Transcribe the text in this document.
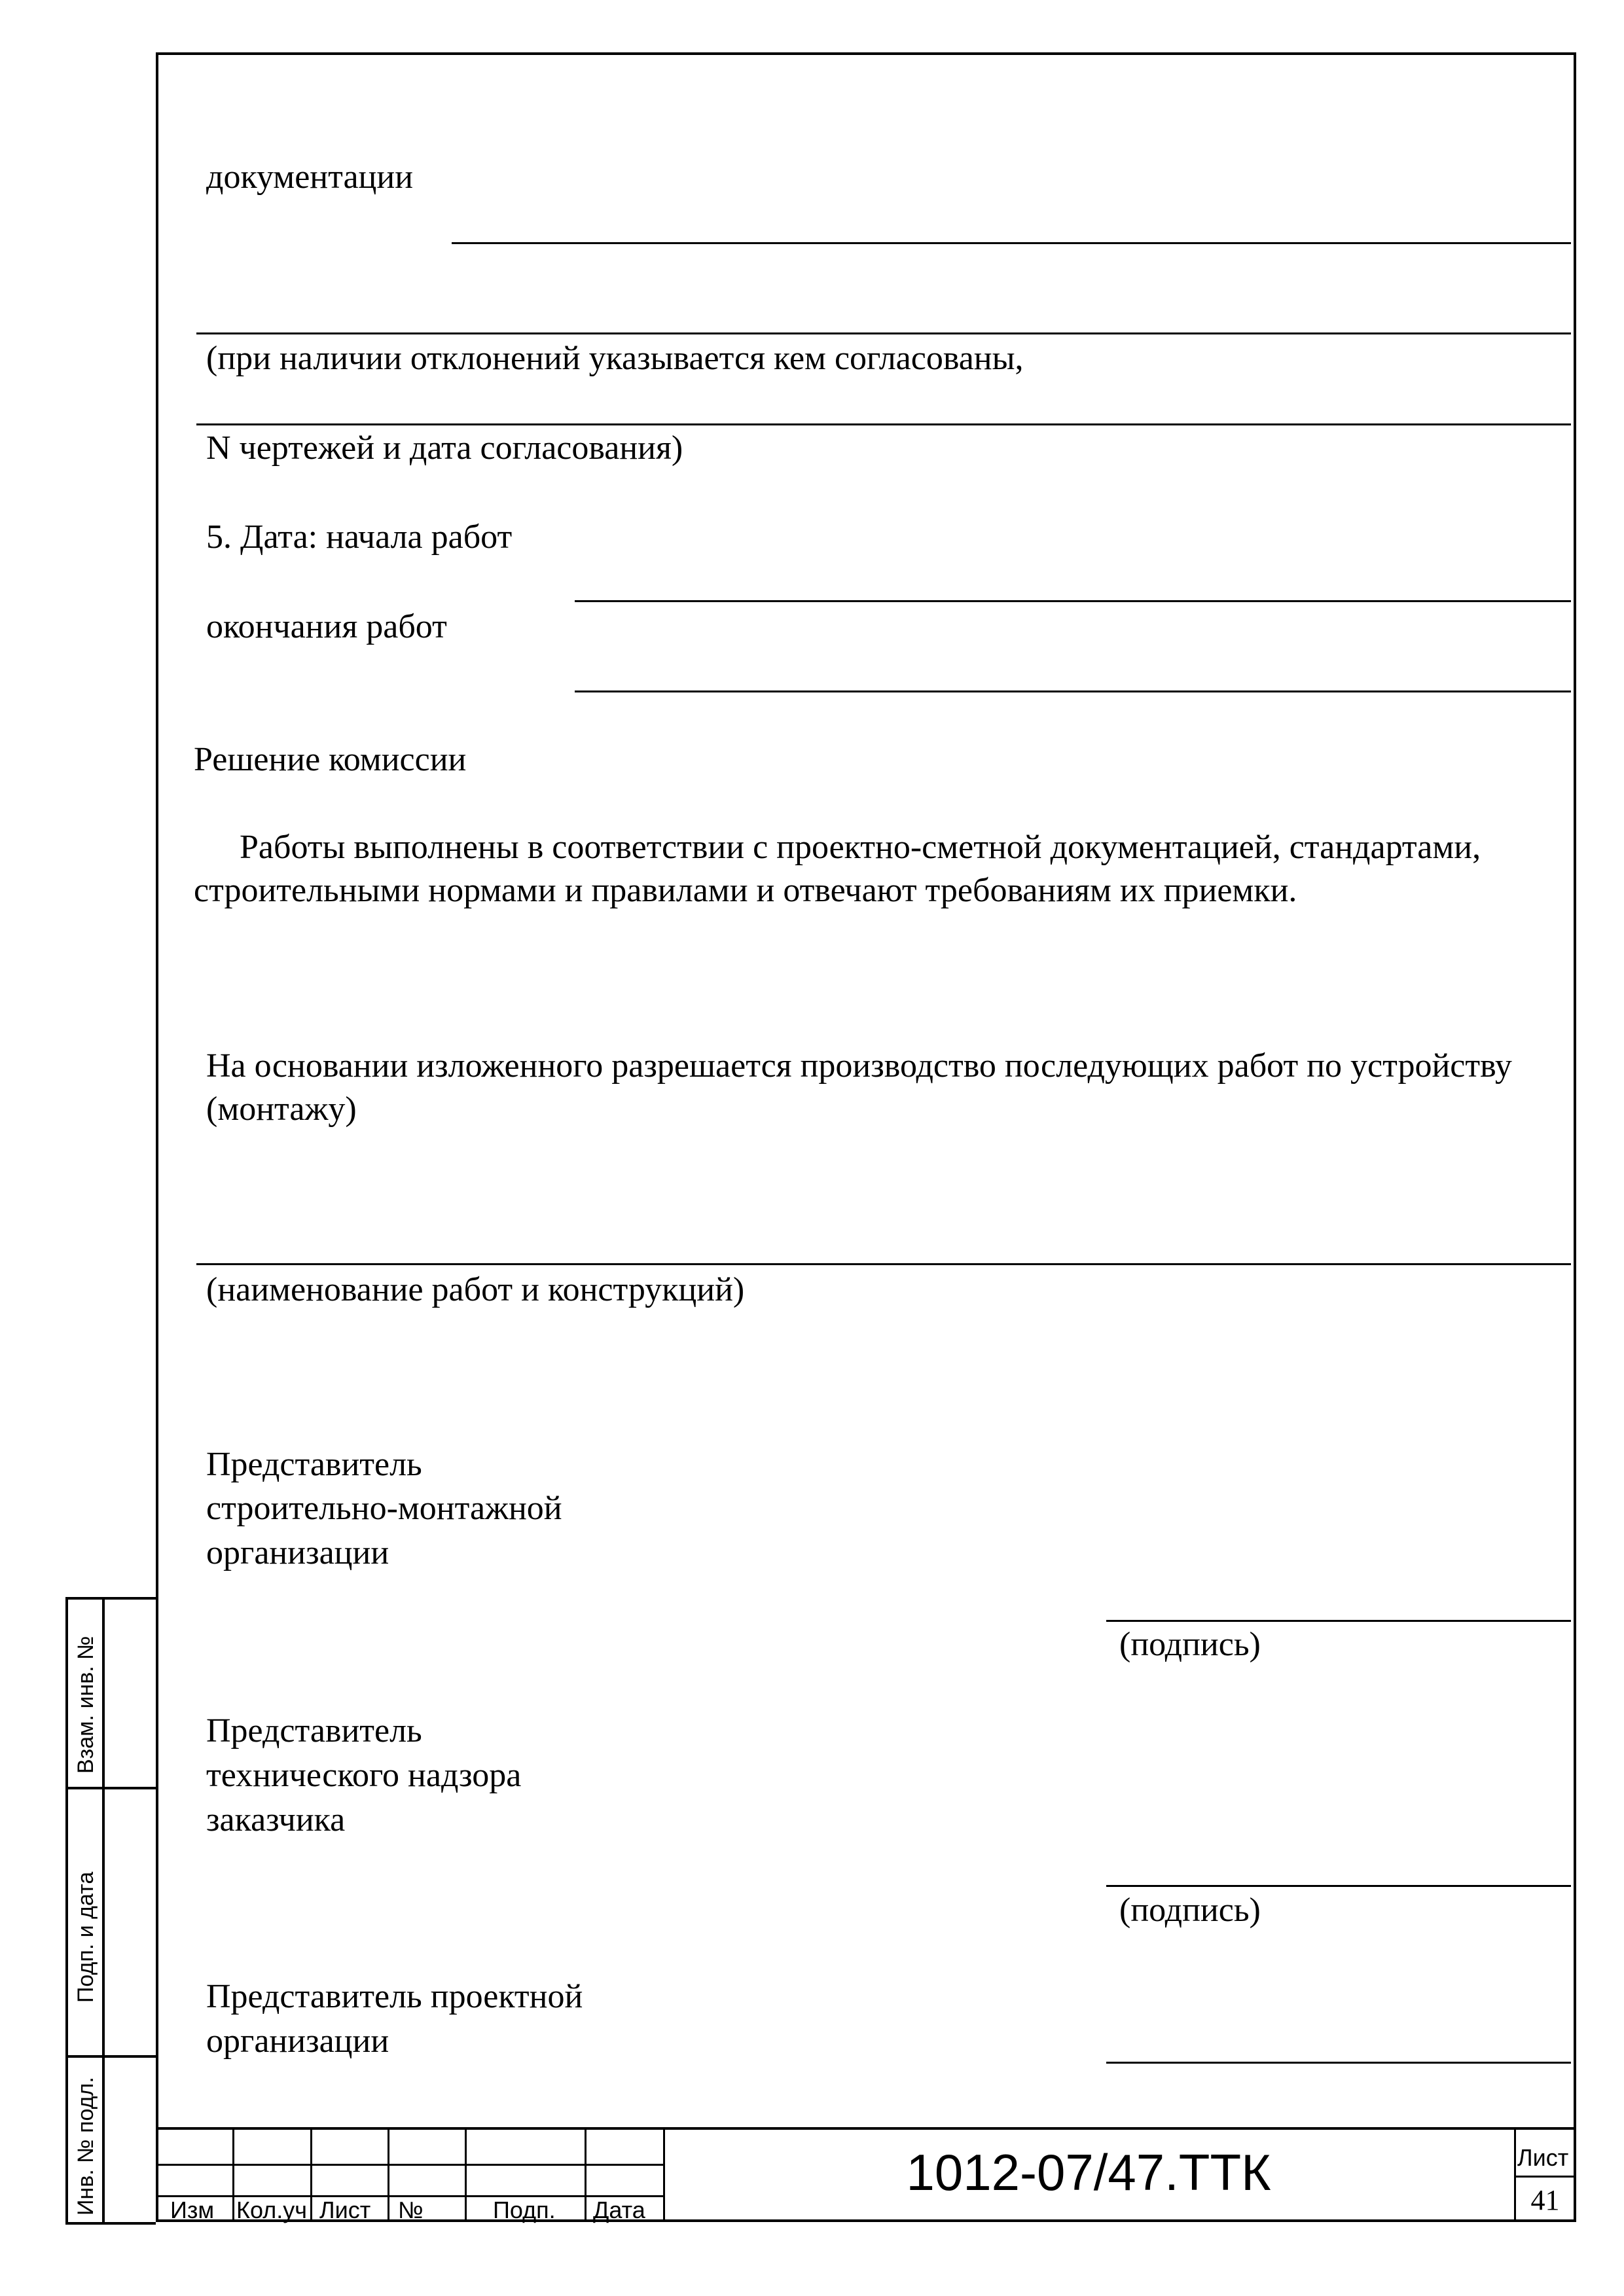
документации
(при наличии отклонений указывается кем согласованы,
N чертежей и дата согласования)
5. Дата: начала работ
окончания работ
Решение комиссии
Работы выполнены в соответствии с проектно-сметной документацией, стандартами, строительными нормами и правилами и отвечают требованиям их приемки.
На основании изложенного разрешается производство последующих работ по устройству (монтажу)
(наименование работ и конструкций)
Представитель
строительно-монтажной
организации
(подпись)
Представитель
технического надзора
заказчика
(подпись)
Представитель проектной
организации
Взам. инв. №
Подп. и дата
Инв. № подл.	Изм Кол.уч Лист №	Подп. Дата
1012-07/47.ТТК	Лист
41
